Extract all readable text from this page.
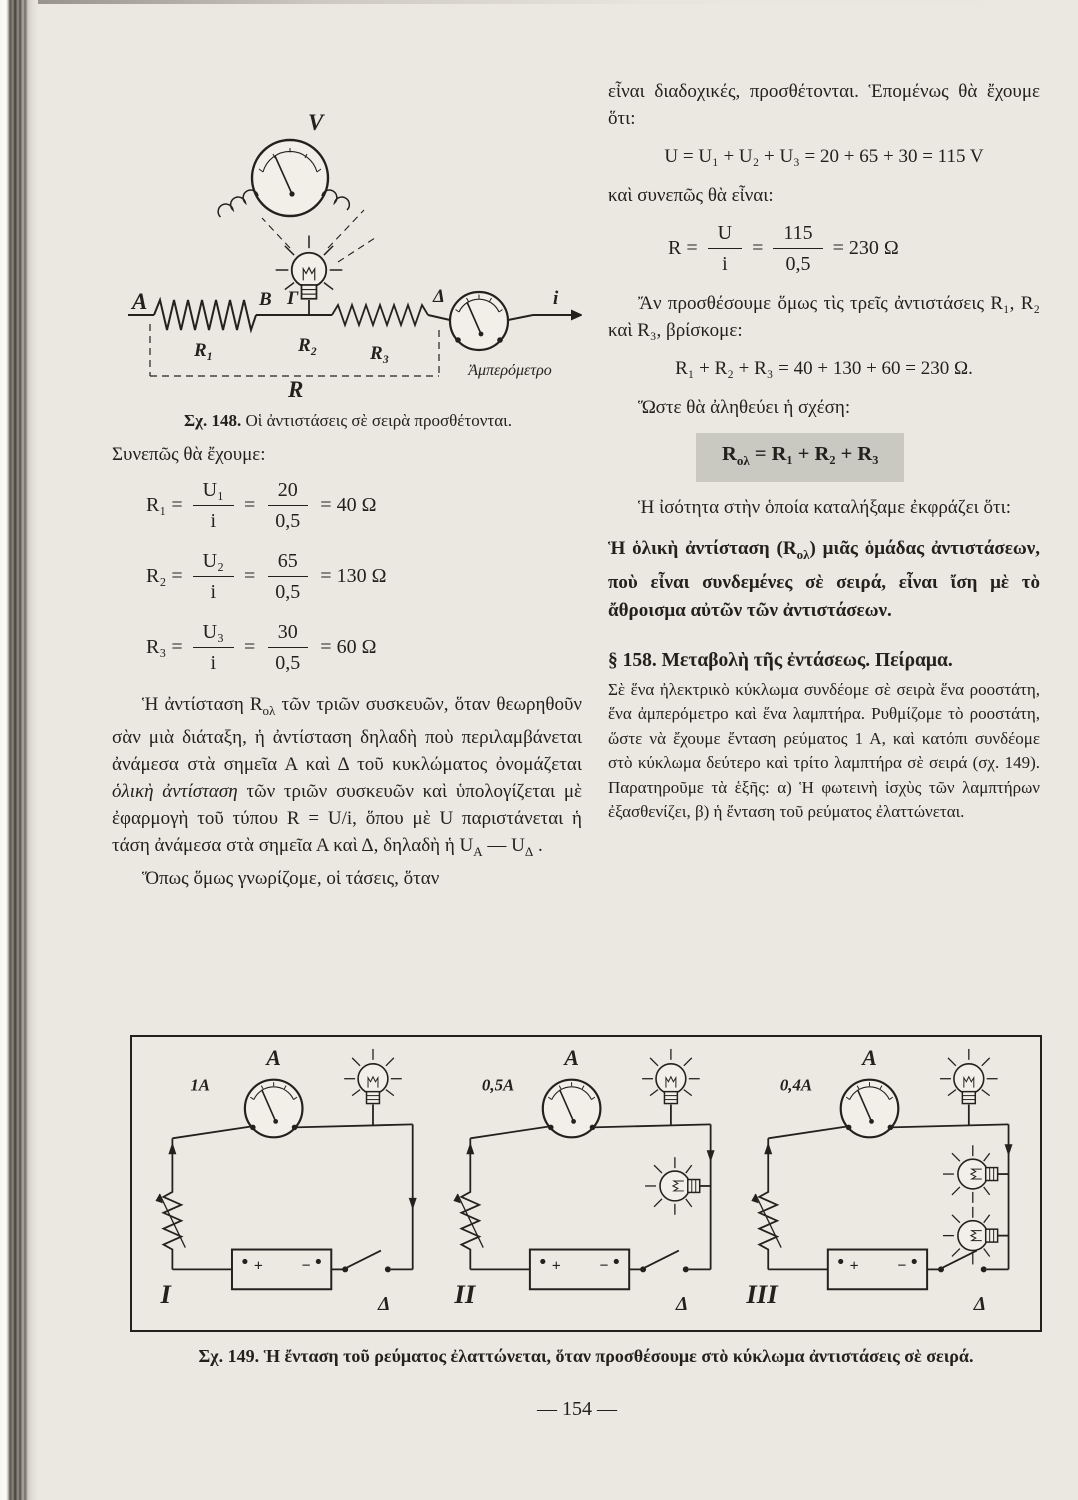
V
A	B Γ	Δ
R₁	R₂	R₃
i
Ἀμπερόμετρο
R

Σχ. 148. Οἱ ἀντιστάσεις σὲ σειρὰ προσθέτονται.

Συνεπῶς θὰ ἔχουμε:

$R_1 = \frac{\text{U₁}}{i} = \frac{20}{0,5} = 40$ Ω
$R_2 = \frac{\text{U₂}}{i} = \frac{65}{0,5} = 130$ Ω
$R_3 = \frac{\text{U₃}}{i} = \frac{30}{0,5} = 60$ Ω

Ἡ ἀντίσταση $R_{o\lambda}$ τῶν τριῶν συσκευῶν, ὅταν θεωρηθοῦν σὰν μιὰ διάταξη, ἡ ἀντίσταση δηλαδὴ ποὺ περιλαμβάνεται ἀνάμεσα στὰ σημεῖα Α καὶ Δ τοῦ κυκλώματος ὀνομάζεται ὁλικὴ ἀντίσταση τῶν τριῶν συσκευῶν καὶ ὑπολογίζεται μὲ ἐφαρμογὴ τοῦ τύπου R = U/i, ὅπου μὲ U παριστάνεται ἡ τάση ἀνάμεσα στὰ σημεῖα Α καὶ Δ, δηλαδὴ ἡ $U_A$ — $U_\Delta$ .

Ὅπως ὅμως γνωρίζομε, οἱ τάσεις, ὅταν

εἶναι διαδοχικές, προσθέτονται. Ἑπομένως θὰ ἔχουμε ὅτι:

U = U₁ + U₂ + U₃ = 20 + 65 + 30 = 115 V

καὶ συνεπῶς θὰ εἶναι:

$R = \frac{U}{i} = \frac{115}{0,5} = 230$ Ω

Ἄν προσθέσουμε ὅμως τὶς τρεῖς ἀντιστάσεις R₁, R₂ καὶ R₃, βρίσκομε:

R₁ + R₂ + R₃ = 40 + 130 + 60 = 230 Ω.

Ὥστε θὰ ἀληθεύει ἡ σχέση:

$R_{o\lambda} = R_1 + R_2 + R_3$

Ἡ ἰσότητα στὴν ὁποία καταλήξαμε ἐκφράζει ὅτι:

Ἡ ὁλικὴ ἀντίσταση $(R_{o\lambda})$ μιᾶς ὁμάδας ἀντιστάσεων, ποὺ εἶναι συνδεμένες σὲ σειρά, εἶναι ἴση μὲ τὸ ἄθροισμα αὐτῶν τῶν ἀντιστάσεων.

§ 158. Μεταβολὴ τῆς ἐντάσεως. Πείραμα.

Σὲ ἕνα ἠλεκτρικὸ κύκλωμα συνδέομε σὲ σειρὰ ἕνα ροοστάτη, ἕνα ἀμπερόμετρο καὶ ἕνα λαμπτήρα. Ρυθμίζομε τὸ ροοστάτη, ὥστε νὰ ἔχουμε ἔνταση ρεύματος 1 Α, καὶ κατόπι συνδέομε στὸ κύκλωμα δεύτερο καὶ τρίτο λαμπτήρα σὲ σειρά (σχ. 149). Παρατηροῦμε τὰ ἑξῆς: α) Ἡ φωτεινὴ ἰσχὺς τῶν λαμπτήρων ἐξασθενίζει, β) ἡ ἔνταση τοῦ ρεύματος ἐλαττώνεται.

+ −
A
1A
Δ
I
+ −
A
0,5A
Δ
II
+ −
A
0,4A
Δ
III

Σχ. 149. Ἡ ἔνταση τοῦ ρεύματος ἐλαττώνεται, ὅταν προσθέσουμε στὸ κύκλωμα ἀντιστάσεις σὲ σειρά.

— 154 —
